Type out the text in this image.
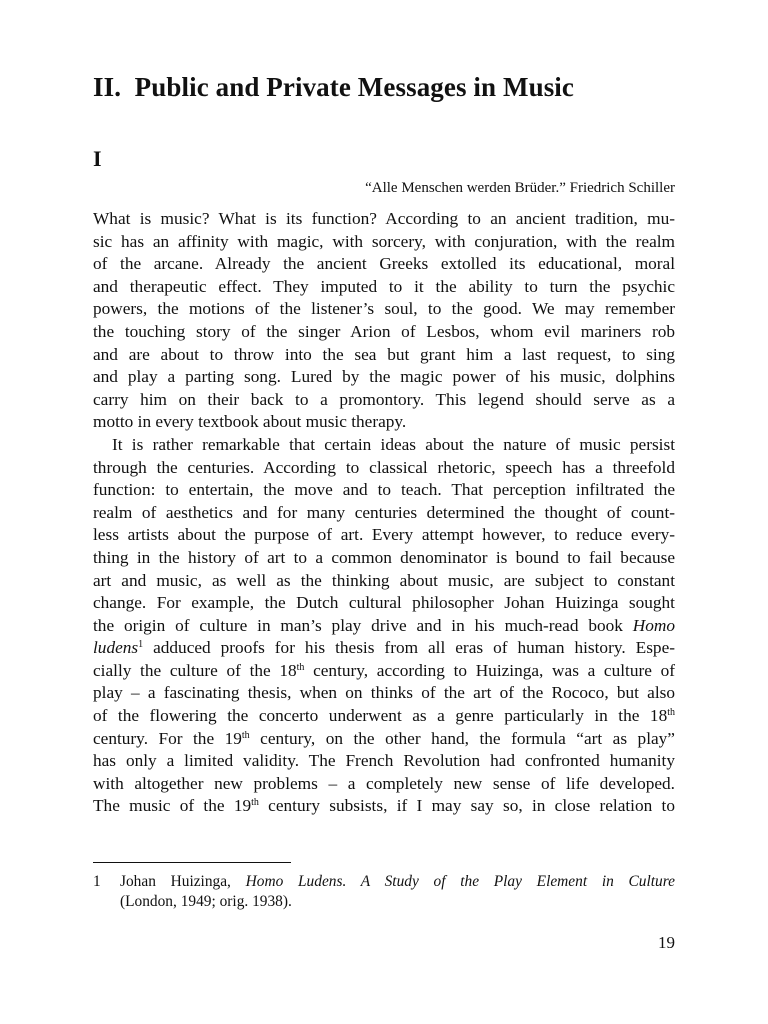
II. Public and Private Messages in Music
I

“Alle Menschen werden Brüder.” Friedrich Schiller

What is music? What is its function? According to an ancient tradition, mu-
sic has an affinity with magic, with sorcery, with conjuration, with the realm
of the arcane. Already the ancient Greeks extolled its educational, moral
and therapeutic effect. They imputed to it the ability to turn the psychic
powers, the motions of the listener’s soul, to the good. We may remember
the touching story of the singer Arion of Lesbos, whom evil mariners rob
and are about to throw into the sea but grant him a last request, to sing
and play a parting song. Lured by the magic power of his music, dolphins
carry him on their back to a promontory. This legend should serve as a
motto in every textbook about music therapy.
It is rather remarkable that certain ideas about the nature of music persist
through the centuries. According to classical rhetoric, speech has a threefold
function: to entertain, the move and to teach. That perception infiltrated the
realm of aesthetics and for many centuries determined the thought of count-
less artists about the purpose of art. Every attempt however, to reduce every-
thing in the history of art to a common denominator is bound to fail because
art and music, as well as the thinking about music, are subject to constant
change. For example, the Dutch cultural philosopher Johan Huizinga sought
the origin of culture in man’s play drive and in his much-read book Homo
ludens$^1$ adduced proofs for his thesis from all eras of human history. Espe-
cially the culture of the 18th century, according to Huizinga, was a culture of
play – a fascinating thesis, when on thinks of the art of the Rococo, but also
of the flowering the concerto underwent as a genre particularly in the 18th
century. For the 19th century, on the other hand, the formula “art as play”
has only a limited validity. The French Revolution had confronted humanity
with altogether new problems – a completely new sense of life developed.
The music of the 19th century subsists, if I may say so, in close relation to
1	Johan Huizinga, Homo Ludens. A Study of the Play Element in Culture
(London, 1949; orig. 1938).
19
